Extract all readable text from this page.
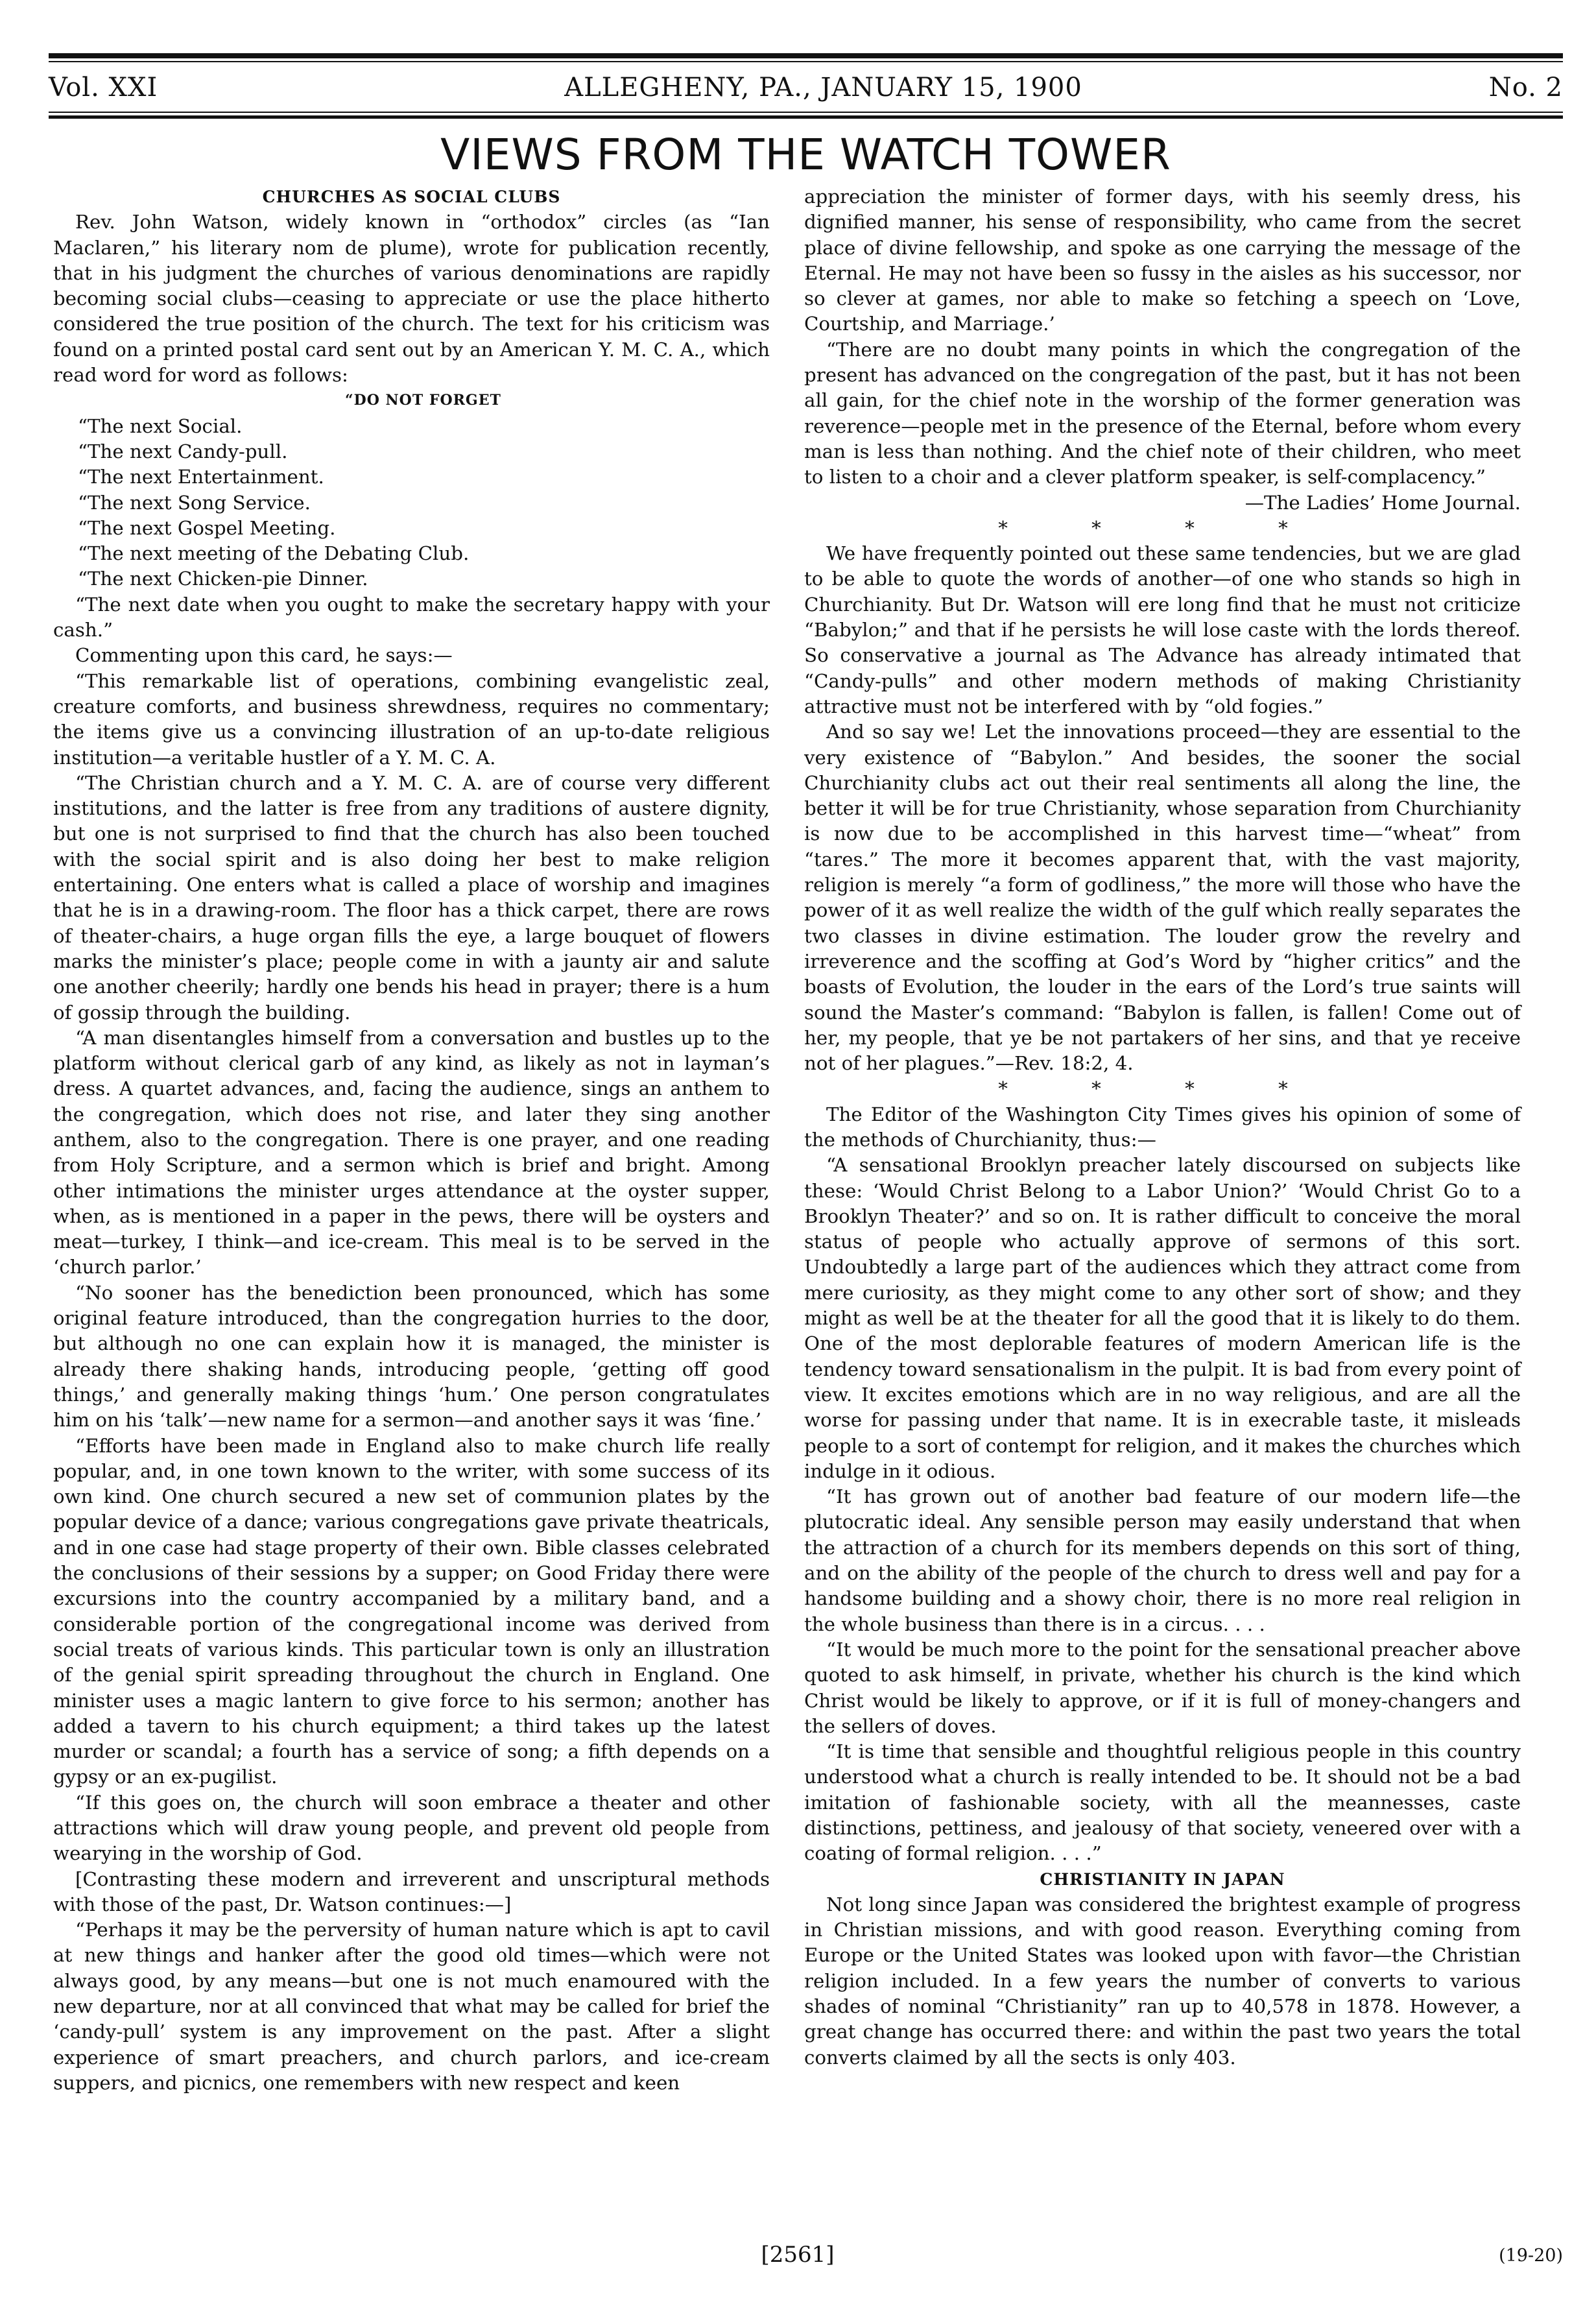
Vol. XXI	ALLEGHENY, PA., JANUARY 15, 1900	No. 2
VIEWS FROM THE WATCH TOWER

CHURCHES AS SOCIAL CLUBS

Rev. John Watson, widely known in “orthodox” circles (as “Ian Maclaren,” his literary nom de plume), wrote for publication recently, that in his judgment the churches of various denominations are rapidly becoming social clubs—ceasing to appreciate or use the place hitherto considered the true position of the church. The text for his criticism was found on a printed postal card sent out by an American Y. M. C. A., which read word for word as follows:

“DO NOT FORGET

“The next Social.

“The next Candy-pull.

“The next Entertainment.

“The next Song Service.

“The next Gospel Meeting.

“The next meeting of the Debating Club.

“The next Chicken-pie Dinner.

“The next date when you ought to make the secretary happy with your cash.”

Commenting upon this card, he says:—

“This remarkable list of operations, combining evangelistic zeal, creature comforts, and business shrewdness, requires no commentary; the items give us a convincing illustration of an up-to-date religious institution—a veritable hustler of a Y. M. C. A.

“The Christian church and a Y. M. C. A. are of course very different institutions, and the latter is free from any traditions of austere dignity, but one is not surprised to find that the church has also been touched with the social spirit and is also doing her best to make religion entertaining. One enters what is called a place of worship and imagines that he is in a drawing-room. The floor has a thick carpet, there are rows of theater-chairs, a huge organ fills the eye, a large bouquet of flowers marks the minister’s place; people come in with a jaunty air and salute one another cheerily; hardly one bends his head in prayer; there is a hum of gossip through the building.

“A man disentangles himself from a conversation and bustles up to the platform without clerical garb of any kind, as likely as not in layman’s dress. A quartet advances, and, facing the audience, sings an anthem to the congregation, which does not rise, and later they sing another anthem, also to the congregation. There is one prayer, and one reading from Holy Scripture, and a sermon which is brief and bright. Among other intimations the minister urges attendance at the oyster supper, when, as is mentioned in a paper in the pews, there will be oysters and meat—turkey, I think—and ice-cream. This meal is to be served in the ‘church parlor.’

“No sooner has the benediction been pronounced, which has some original feature introduced, than the congregation hurries to the door, but although no one can explain how it is managed, the minister is already there shaking hands, introducing people, ‘getting off good things,’ and generally making things ‘hum.’ One person congratulates him on his ‘talk’—new name for a sermon—and another says it was ‘fine.’

“Efforts have been made in England also to make church life really popular, and, in one town known to the writer, with some success of its own kind. One church secured a new set of communion plates by the popular device of a dance; various congregations gave private theatricals, and in one case had stage property of their own. Bible classes celebrated the conclusions of their sessions by a supper; on Good Friday there were excursions into the country accompanied by a military band, and a considerable portion of the congregational income was derived from social treats of various kinds. This particular town is only an illustration of the genial spirit spreading throughout the church in England. One minister uses a magic lantern to give force to his sermon; another has added a tavern to his church equipment; a third takes up the latest murder or scandal; a fourth has a service of song; a fifth depends on a gypsy or an ex-pugilist.

“If this goes on, the church will soon embrace a theater and other attractions which will draw young people, and prevent old people from wearying in the worship of God.

[Contrasting these modern and irreverent and unscriptural methods with those of the past, Dr. Watson continues:—]

“Perhaps it may be the perversity of human nature which is apt to cavil at new things and hanker after the good old times—which were not always good, by any means—but one is not much enamoured with the new departure, nor at all convinced that what may be called for brief the ‘candy-pull’ system is any improvement on the past. After a slight experience of smart preachers, and church parlors, and ice-cream suppers, and picnics, one remembers with new respect and keen

appreciation the minister of former days, with his seemly dress, his dignified manner, his sense of responsibility, who came from the secret place of divine fellowship, and spoke as one carrying the message of the Eternal. He may not have been so fussy in the aisles as his successor, nor so clever at games, nor able to make so fetching a speech on ‘Love, Courtship, and Marriage.’

“There are no doubt many points in which the congregation of the present has advanced on the congregation of the past, but it has not been all gain, for the chief note in the worship of the former generation was reverence—people met in the presence of the Eternal, before whom every man is less than nothing. And the chief note of their children, who meet to listen to a choir and a clever platform speaker, is self-complacency.”

—The Ladies’ Home Journal.

* * * *

We have frequently pointed out these same tendencies, but we are glad to be able to quote the words of another—of one who stands so high in Churchianity. But Dr. Watson will ere long find that he must not criticize “Babylon;” and that if he persists he will lose caste with the lords thereof. So conservative a journal as The Advance has already intimated that “Candy-pulls” and other modern methods of making Christianity attractive must not be interfered with by “old fogies.”

And so say we! Let the innovations proceed—they are essential to the very existence of “Babylon.” And besides, the sooner the social Churchianity clubs act out their real sentiments all along the line, the better it will be for true Christianity, whose separation from Churchianity is now due to be accomplished in this harvest time—“wheat” from “tares.” The more it becomes apparent that, with the vast majority, religion is merely “a form of godliness,” the more will those who have the power of it as well realize the width of the gulf which really separates the two classes in divine estimation. The louder grow the revelry and irreverence and the scoffing at God’s Word by “higher critics” and the boasts of Evolution, the louder in the ears of the Lord’s true saints will sound the Master’s command: “Babylon is fallen, is fallen! Come out of her, my people, that ye be not partakers of her sins, and that ye receive not of her plagues.”—Rev. 18:2, 4.

* * * *

The Editor of the Washington City Times gives his opinion of some of the methods of Churchianity, thus:—

“A sensational Brooklyn preacher lately discoursed on subjects like these: ‘Would Christ Belong to a Labor Union?’ ‘Would Christ Go to a Brooklyn Theater?’ and so on. It is rather difficult to conceive the moral status of people who actually approve of sermons of this sort. Undoubtedly a large part of the audiences which they attract come from mere curiosity, as they might come to any other sort of show; and they might as well be at the theater for all the good that it is likely to do them. One of the most deplorable features of modern American life is the tendency toward sensationalism in the pulpit. It is bad from every point of view. It excites emotions which are in no way religious, and are all the worse for passing under that name. It is in execrable taste, it misleads people to a sort of contempt for religion, and it makes the churches which indulge in it odious.

“It has grown out of another bad feature of our modern life—the plutocratic ideal. Any sensible person may easily understand that when the attraction of a church for its members depends on this sort of thing, and on the ability of the people of the church to dress well and pay for a handsome building and a showy choir, there is no more real religion in the whole business than there is in a circus. . . .

“It would be much more to the point for the sensational preacher above quoted to ask himself, in private, whether his church is the kind which Christ would be likely to approve, or if it is full of money-changers and the sellers of doves.

“It is time that sensible and thoughtful religious people in this country understood what a church is really intended to be. It should not be a bad imitation of fashionable society, with all the meannesses, caste distinctions, pettiness, and jealousy of that society, veneered over with a coating of formal religion. . . .”

CHRISTIANITY IN JAPAN

Not long since Japan was considered the brightest example of progress in Christian missions, and with good reason. Everything coming from Europe or the United States was looked upon with favor—the Christian religion included. In a few years the number of converts to various shades of nominal “Christianity” ran up to 40,578 in 1878. However, a great change has occurred there: and within the past two years the total converts claimed by all the sects is only 403.

[2561]	(19-20)
